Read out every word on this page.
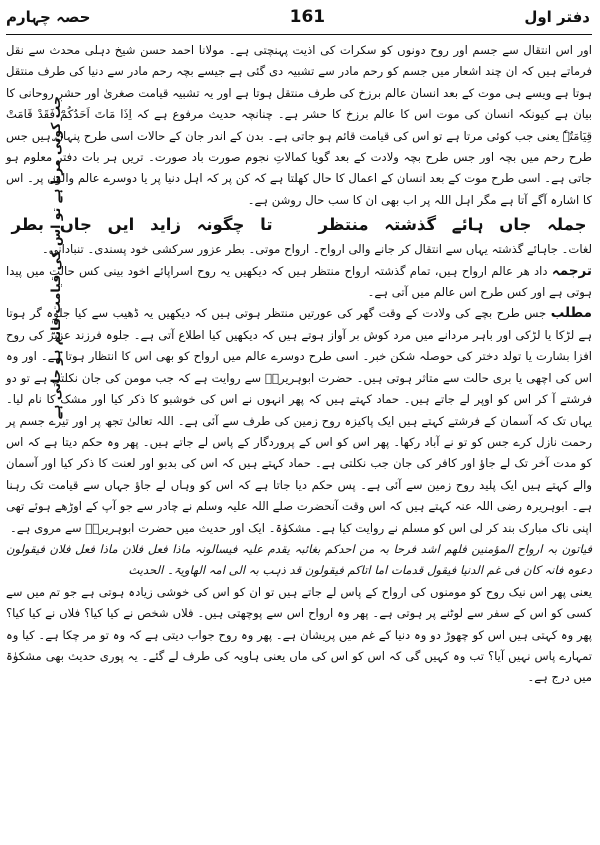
دفتر اول
161
حصہ چہارم

اور اس انتقال سے جسم اور روح دونوں کو سکرات کی اذیت پہنچتی ہے۔ مولانا احمد حسن شیخ دہلی محدث سے نقل فرماتے ہیں کہ ان چند اشعار میں جسم کو رحم مادر سے تشبیہ دی گئی ہے جیسے بچہ رحم مادر سے دنیا کی طرف منتقل ہوتا ہے ویسے ہی موت کے بعد انسان عالم برزخ کی طرف منتقل ہوتا ہے اور یہ تشبیہ قیامت صغریٰ اور حشر روحانی کا بیان ہے کیونکہ انسان کی موت اس کا عالم برزخ کا حشر ہے۔ چنانچہ حدیث مرفوع ہے کہ اِذَا مَاتَ اَحَدُکُمْ فَقَدْ قَامَتْ قِیَامَتُہٗ یعنی جب کوئی مرتا ہے تو اس کی قیامت قائم ہو جاتی ہے۔ بدن کے اندر جان کے حالات اسی طرح پنہاں ہیں جس طرح رحم میں بچہ اور جس طرح بچہ ولادت کے بعد گویا کمالاتِ نجوم صورت باد صورت۔ تریں ہر بات دفتر معلوم ہو جاتی ہے۔ اسی طرح موت کے بعد انسان کے اعمال کا حال کھلتا ہے کہ کن پر کہ اہل دنیا پر یا دوسرے عالم والوں پر۔ اس کا اشارہ آگے آتا ہے مگر اہل اللہ پر اب بھی ان کا سب حال روشن ہے۔

جملہ جاں ہائے گذشتہ منتظرتا چگونہ زاید ایں جاں بطر

لغات۔ جاہائے گذشتہ یہاں سے انتقال کر جانے والی ارواح۔ ارواح موتی۔ بطر عزور سرکشی خود پسندی۔ تنبادانی۔

ترجمہ داد هر عالم ارواح ہیں، تمام گذشتہ ارواح منتظر ہیں کہ دیکھیں یہ روح اسراپائے اخود بینی کس حالت میں پیدا ہوتی ہے اور کس طرح اس عالم میں آتی ہے۔

مطلب جس طرح بچے کی ولادت کے وقت گھر کی عورتیں منتظر ہوتی ہیں کہ دیکھیں یہ ڈھیب سے کیا جلوہ گر ہوتا ہے لڑکا یا لڑکی اور باہر مردانے میں مرد کوش بر آواز ہوتے ہیں کہ دیکھیں کیا اطلاع آتی ہے۔ جلوہ فرزند عزیز کی روح افزا بشارت یا تولد دختر کی حوصلہ شکن خبر۔ اسی طرح دوسرے عالم میں ارواح کو بھی اس کا انتظار ہوتا ہے۔ اور وہ اس کی اچھی یا بری حالت سے متاثر ہوتی ہیں۔ حضرت ابوہریرہؓ سے روایت ہے کہ جب مومن کی جان نکلتی ہے تو دو فرشتے آ کر اس کو اوپر لے جاتے ہیں۔ حماد کہتے ہیں کہ پھر انہوں نے اس کی خوشبو کا ذکر کیا اور مشک کا نام لیا۔ یہاں تک کہ آسمان کے فرشتے کہتے ہیں ایک پاکیزہ روح زمین کی طرف سے آئی ہے۔ اللہ تعالیٰ تجھ پر اور تیرے جسم پر رحمت نازل کرے جس کو تو نے آباد رکھا۔ پھر اس کو اس کے پروردگار کے پاس لے جاتے ہیں۔ پھر وہ حکم دیتا ہے کہ اس کو مدت آخر تک لے جاؤ اور کافر کی جان جب نکلتی ہے۔ حماد کہتے ہیں کہ اس کی بدبو اور لعنت کا ذکر کیا اور آسمان والے کہتے ہیں ایک پلید روح زمین سے آئی ہے۔ پس حکم دیا جاتا ہے کہ اس کو وہاں لے جاؤ جہاں سے قیامت تک رہنا ہے۔ ابوہریرہ رضی اللہ عنہ کہتے ہیں کہ اس وقت آنحضرت صلے اللہ علیہ وسلم نے چادر سے جو آپ کے اوڑھے ہوئے تھی اپنی ناک مبارک بند کر لی اس کو مسلم نے روایت کیا ہے۔ مشکوٰۃ۔ ایک اور حدیث میں حضرت ابوہریرہؓ سے مروی ہے۔

فیاتون بہ ارواح المؤمنین فلھم اشد فرحا بہ من احدکم بغائبہ یقدم علیہ فیسالونہ ماذا فعل فلان ماذا فعل فلان فیقولون دعوہ فانہ کان فی غم الدنیا فیقول قدمات اما اتاکم فیقولون قد ذہب بہ الی امہ الھاویۃ۔ الحدیث

یعنی پھر اس نیک روح کو مومنوں کی ارواح کے پاس لے جاتے ہیں تو ان کو اس کی خوشی زیادہ ہوتی ہے جو تم میں سے کسی کو اس کے سفر سے لوٹنے پر ہوتی ہے۔ پھر وہ ارواح اس سے پوچھتی ہیں۔ فلاں شخص نے کیا کیا؟ فلاں نے کیا کیا؟ پھر وہ کہتی ہیں اس کو چھوڑ دو وہ دنیا کے غم میں پریشان ہے۔ پھر وہ روح جواب دیتی ہے کہ وہ تو مر چکا ہے۔ کیا وہ تمہارے پاس نہیں آیا؟ تب وہ کہیں گی کہ اس کو اس کی ماں یعنی ہاویہ کی طرف لے گئے۔ یہ پوری حدیث بھی مشکوٰۃ میں درج ہے۔

جب کوئی مرتا ہے تو اس کی قیامت قائم ہو جاتی ہے
